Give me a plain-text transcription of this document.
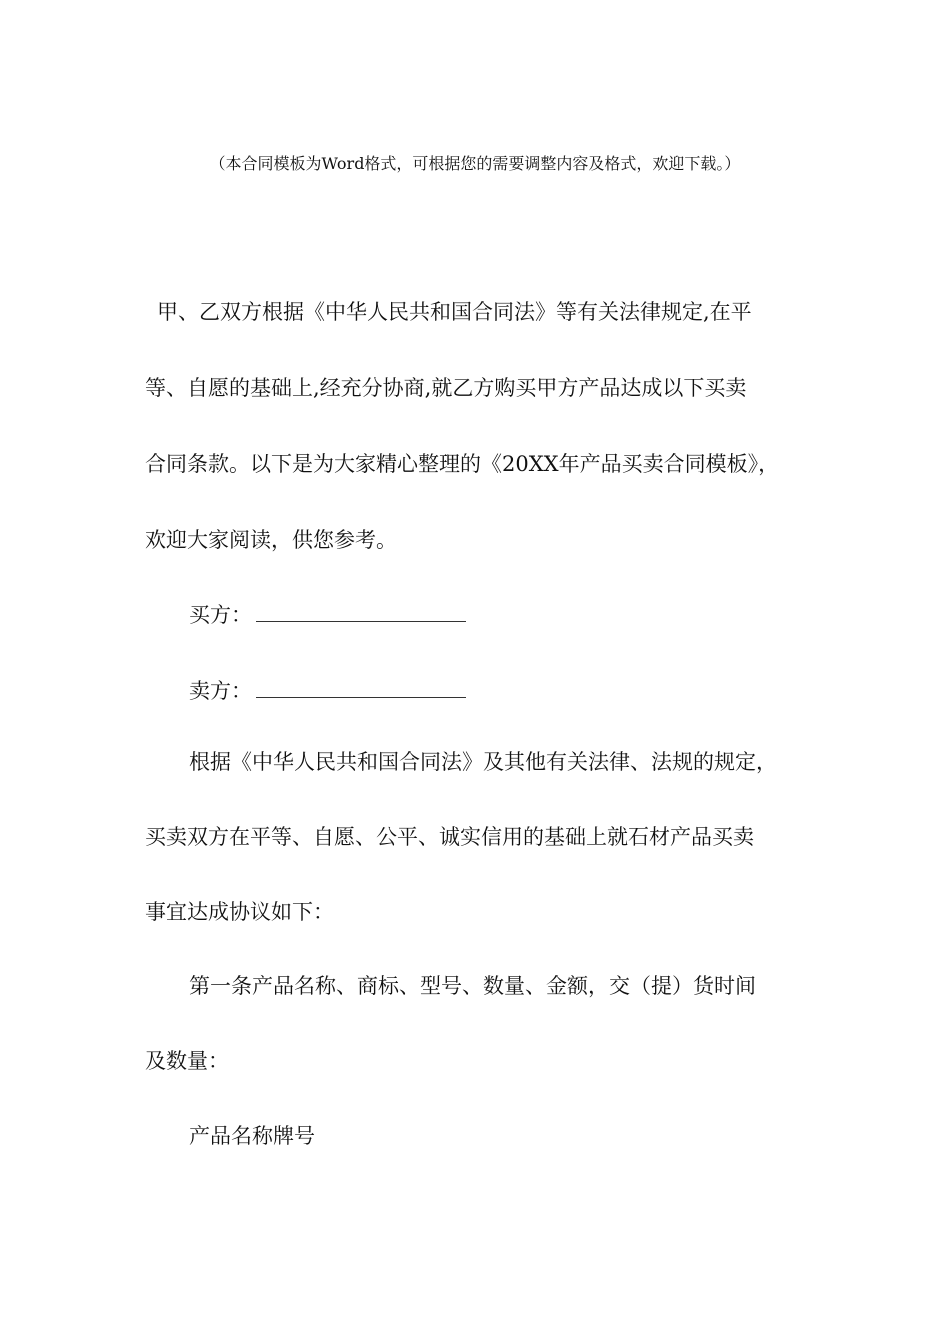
（本合同模板为Word格式，可根据您的需要调整内容及格式，欢迎下载。）
甲、乙双方根据《中华人民共和国合同法》等有关法律规定,在平
等、自愿的基础上,经充分协商,就乙方购买甲方产品达成以下买卖
合同条款。以下是为大家精心整理的《20XX年产品买卖合同模板》，
欢迎大家阅读，供您参考。
买方：
卖方：
根据《中华人民共和国合同法》及其他有关法律、法规的规定，
买卖双方在平等、自愿、公平、诚实信用的基础上就石材产品买卖
事宜达成协议如下：
第一条产品名称、商标、型号、数量、金额，交（提）货时间
及数量：
产品名称牌号
